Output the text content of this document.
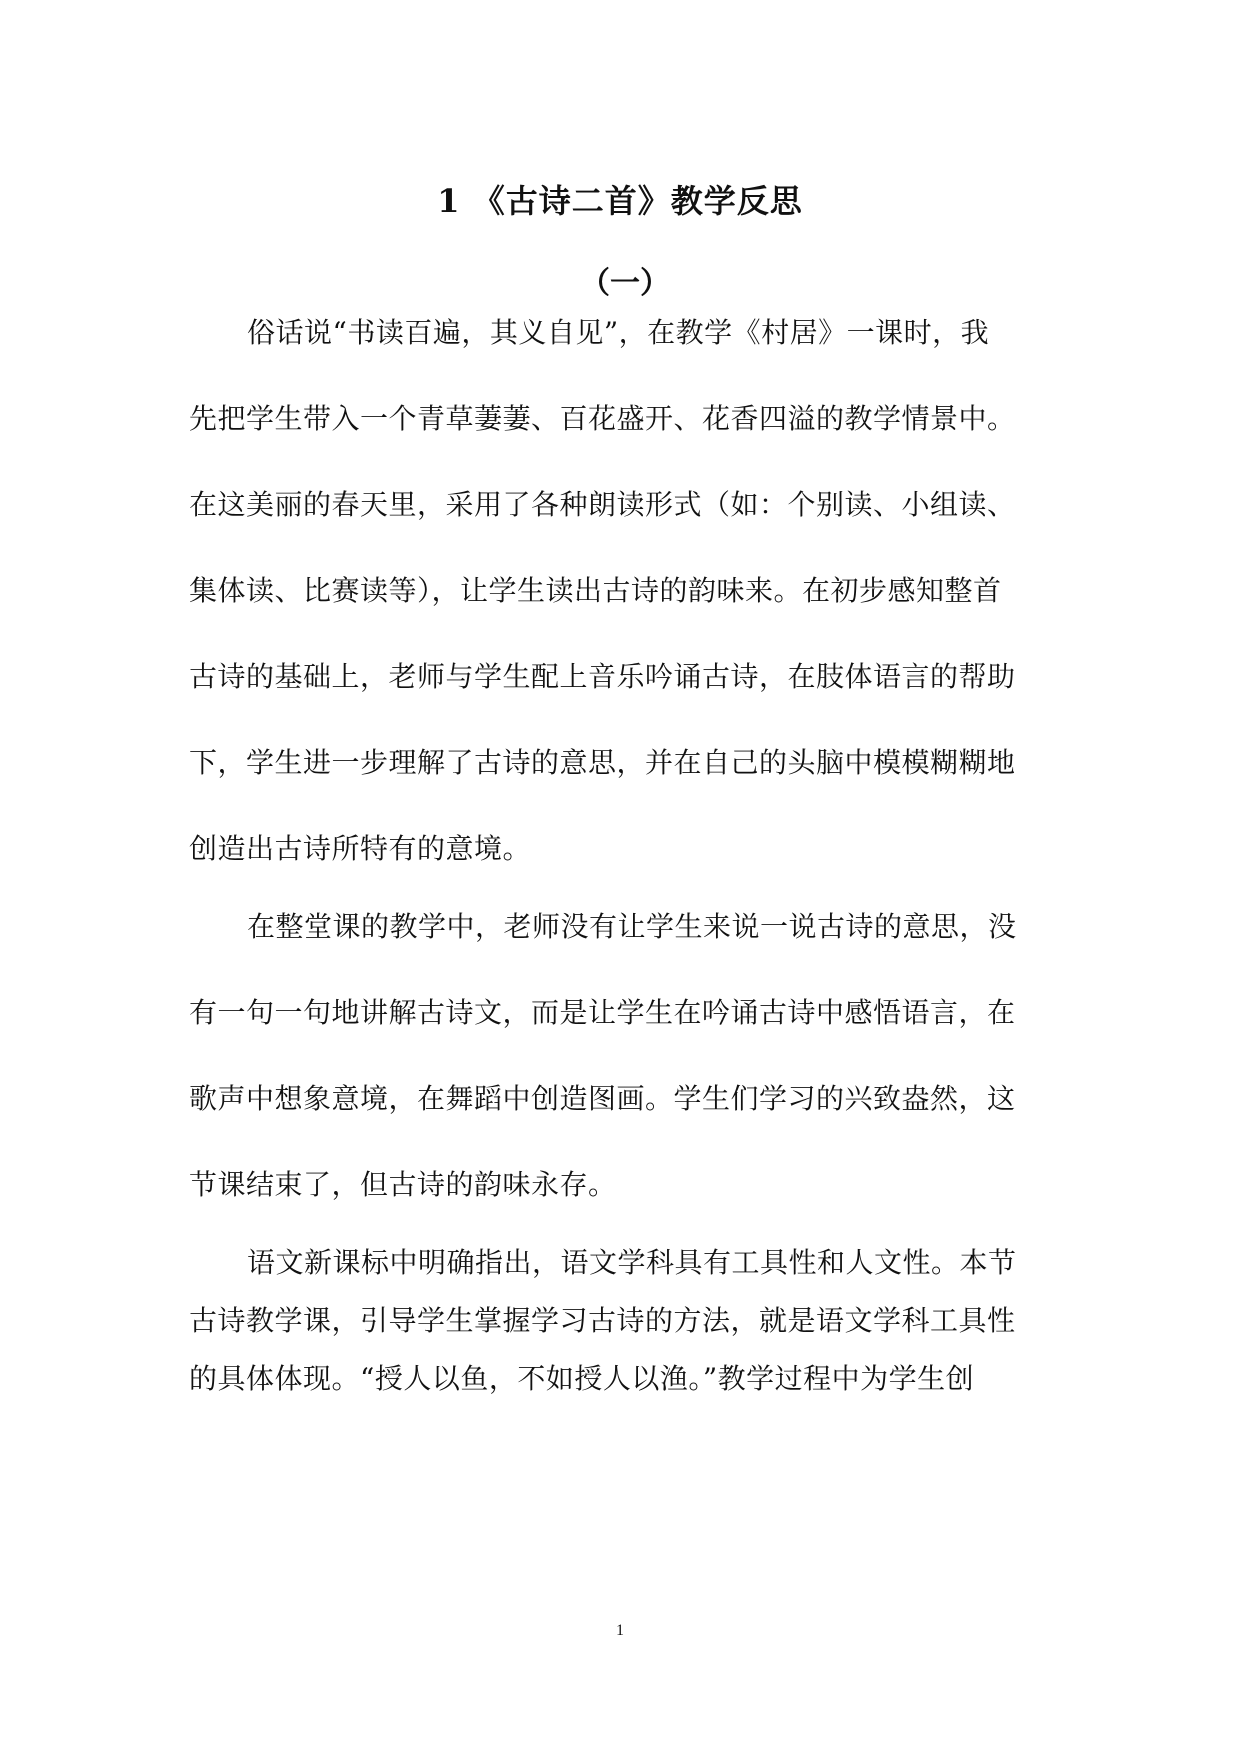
1 《古诗二首》教学反思
（一）
俗话说“书读百遍，其义自见”，在教学《村居》一课时，我
先把学生带入一个青草萋萋、百花盛开、花香四溢的教学情景中。
在这美丽的春天里，采用了各种朗读形式（如：个别读、小组读、
集体读、比赛读等），让学生读出古诗的韵味来。在初步感知整首
古诗的基础上，老师与学生配上音乐吟诵古诗，在肢体语言的帮助
下，学生进一步理解了古诗的意思，并在自己的头脑中模模糊糊地
创造出古诗所特有的意境。
在整堂课的教学中，老师没有让学生来说一说古诗的意思，没
有一句一句地讲解古诗文，而是让学生在吟诵古诗中感悟语言，在
歌声中想象意境，在舞蹈中创造图画。学生们学习的兴致盎然，这
节课结束了，但古诗的韵味永存。
语文新课标中明确指出，语文学科具有工具性和人文性。本节
古诗教学课，引导学生掌握学习古诗的方法，就是语文学科工具性
的具体体现。“授人以鱼，不如授人以渔。”教学过程中为学生创
1
